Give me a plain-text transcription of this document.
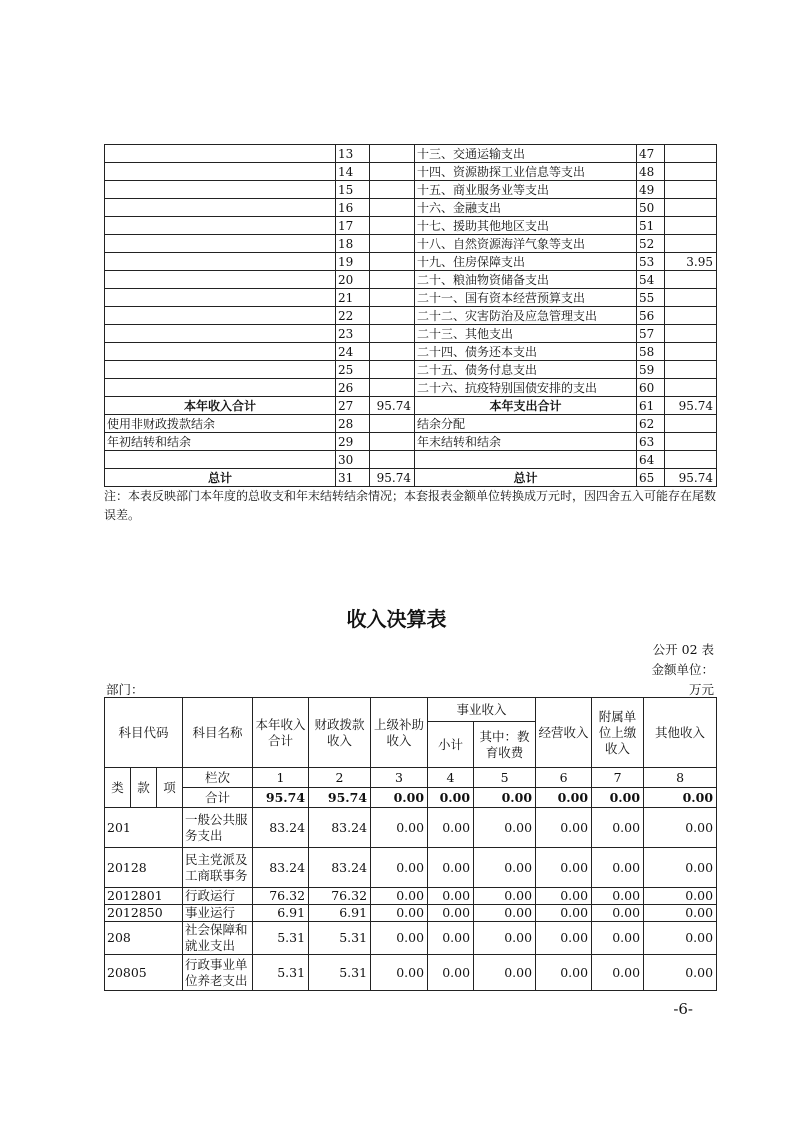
	13		十三、交通运输支出	47	
	14		十四、资源勘探工业信息等支出	48	
	15		十五、商业服务业等支出	49	
	16		十六、金融支出	50	
	17		十七、援助其他地区支出	51	
	18		十八、自然资源海洋气象等支出	52	
	19		十九、住房保障支出	53	3.95
	20		二十、粮油物资储备支出	54	
	21		二十一、国有资本经营预算支出	55	
	22		二十二、灾害防治及应急管理支出	56	
	23		二十三、其他支出	57	
	24		二十四、债务还本支出	58	
	25		二十五、债务付息支出	59	
	26		二十六、抗疫特别国债安排的支出	60	
本年收入合计	27	95.74	本年支出合计	61	95.74
使用非财政拨款结余	28		结余分配	62	
年初结转和结余	29		年末结转和结余	63	
	30			64	
总计	31	95.74	总计	65	95.74
注：本表反映部门本年度的总收支和年末结转结余情况；本套报表金额单位转换成万元时，因四舍五入可能存在尾数误差。
收入决算表
公开 02 表
金额单位：
万元
部门：
科目代码			科目名称	本年收入合计	财政拨款收入	上级补助收入	事业收入		经营收入	附属单位上缴收入	其他收入
							小计	其中：教育收费			
类	款	项	栏次	1	2	3	4	5	6	7	8
			合计	95.74	95.74	0.00	0.00	0.00	0.00	0.00	0.00
201			一般公共服务支出	83.24	83.24	0.00	0.00	0.00	0.00	0.00	0.00
20128			民主党派及工商联事务	83.24	83.24	0.00	0.00	0.00	0.00	0.00	0.00
2012801			行政运行	76.32	76.32	0.00	0.00	0.00	0.00	0.00	0.00
2012850			事业运行	6.91	6.91	0.00	0.00	0.00	0.00	0.00	0.00
208			社会保障和就业支出	5.31	5.31	0.00	0.00	0.00	0.00	0.00	0.00
20805			行政事业单位养老支出	5.31	5.31	0.00	0.00	0.00	0.00	0.00	0.00
-6-
